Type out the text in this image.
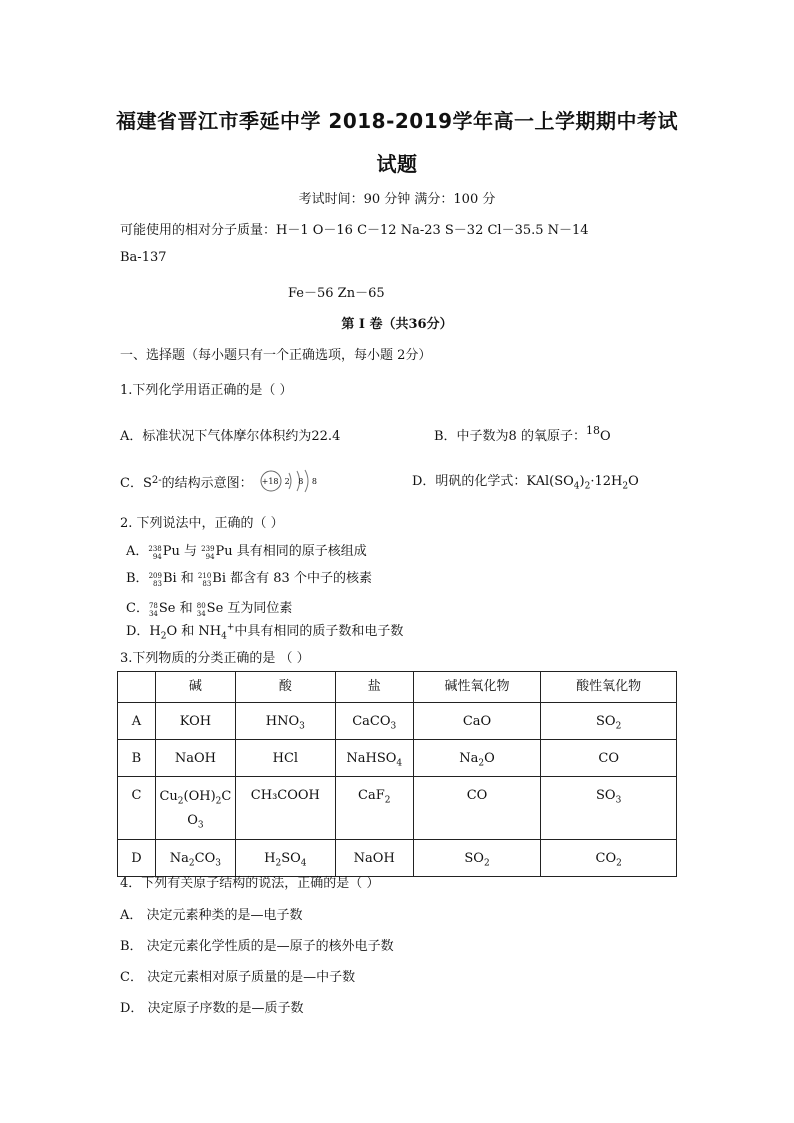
福建省晋江市季延中学 2018-2019学年高一上学期期中考试
试题
考试时间：90 分钟 满分：100 分
可能使用的相对分子质量：H－1 O－16 C－12 Na-23 S－32 Cl－35.5 N－14
Ba-137
Fe－56 Zn－65
第 I 卷（共36分）
一、选择题（每小题只有一个正确选项，每小题 2分）
1.下列化学用语正确的是（ ）
A．标准状况下气体摩尔体积约为22.4	B．中子数为8 的氧原子：$^{18}$O
C．S 2- 的结构示意图： +18 2 8 8	D．明矾的化学式：$KAl(SO_4)_2\cdot 12H_2O$
2. 下列说法中，正确的（ ）
A． 238
94 Pu 与 239
94 Pu 具有相同的原子核组成
B． 209
83 Bi 和 210
83 Bi 都含有 83 个中子的核素
C． 78
34 Se 和 80
34 Se 互为同位素
D．$H_2O$ 和 $NH_4^+$中具有相同的质子数和电子数
3.下列物质的分类正确的是 （ ）
	碱	酸	盐	碱性氧化物	酸性氧化物
A	KOH	$HNO_3$	CaCO$_3$	CaO	$SO_2$
B	NaOH	HCl	NaHSO$_4$	$Na_2O$	CO
C	$Cu_2(OH)_2C$
$O_3$	CH₃COOH	CaF$_2$	CO	$SO_3$
D	$Na_2CO_3$	$H_2SO_4$	NaOH	$SO_2$	$CO_2$
4．下列有关原子结构的说法，正确的是（ ）
A． 决定元素种类的是—电子数
B． 决定元素化学性质的是—原子的核外电子数
C． 决定元素相对原子质量的是—中子数
D． 决定原子序数的是—质子数
